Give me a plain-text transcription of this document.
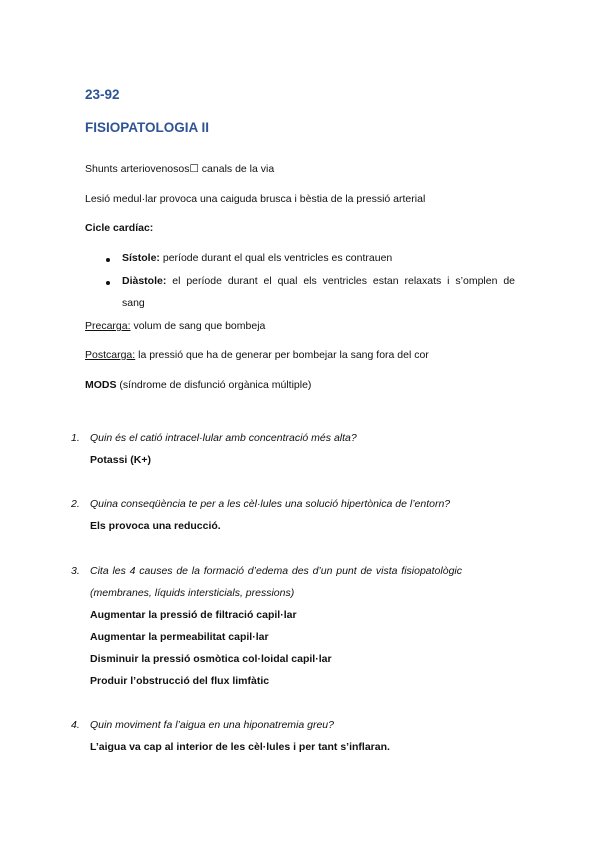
23-92
FISIOPATOLOGIA II
Shunts arteriovenosos☐ canals de la via
Lesió medul·lar provoca una caiguda brusca i bèstia de la pressió arterial
Cicle cardíac:
Sístole: període durant el qual els ventricles es contrauen
Diàstole: el període durant el qual els ventricles estan relaxats i s’omplen de
sang
Precarga: volum de sang que bombeja
Postcarga: la pressió que ha de generar per bombejar la sang fora del cor
MODS (síndrome de disfunció orgànica múltiple)
1. Quin és el catió intracel·lular amb concentració més alta?
Potassi (K+)
2. Quina conseqüència te per a les cèl·lules una solució hipertònica de l’entorn?
Els provoca una reducció.
3. Cita les 4 causes de la formació d’edema des d’un punt de vista fisiopatològic
(membranes, líquids intersticials, pressions)
Augmentar la pressió de filtració capil·lar
Augmentar la permeabilitat capil·lar
Disminuir la pressió osmòtica col·loidal capil·lar
Produir l’obstrucció del flux limfàtic
4. Quin moviment fa l’aigua en una hiponatremia greu?
L’aigua va cap al interior de les cèl·lules i per tant s’inflaran.
